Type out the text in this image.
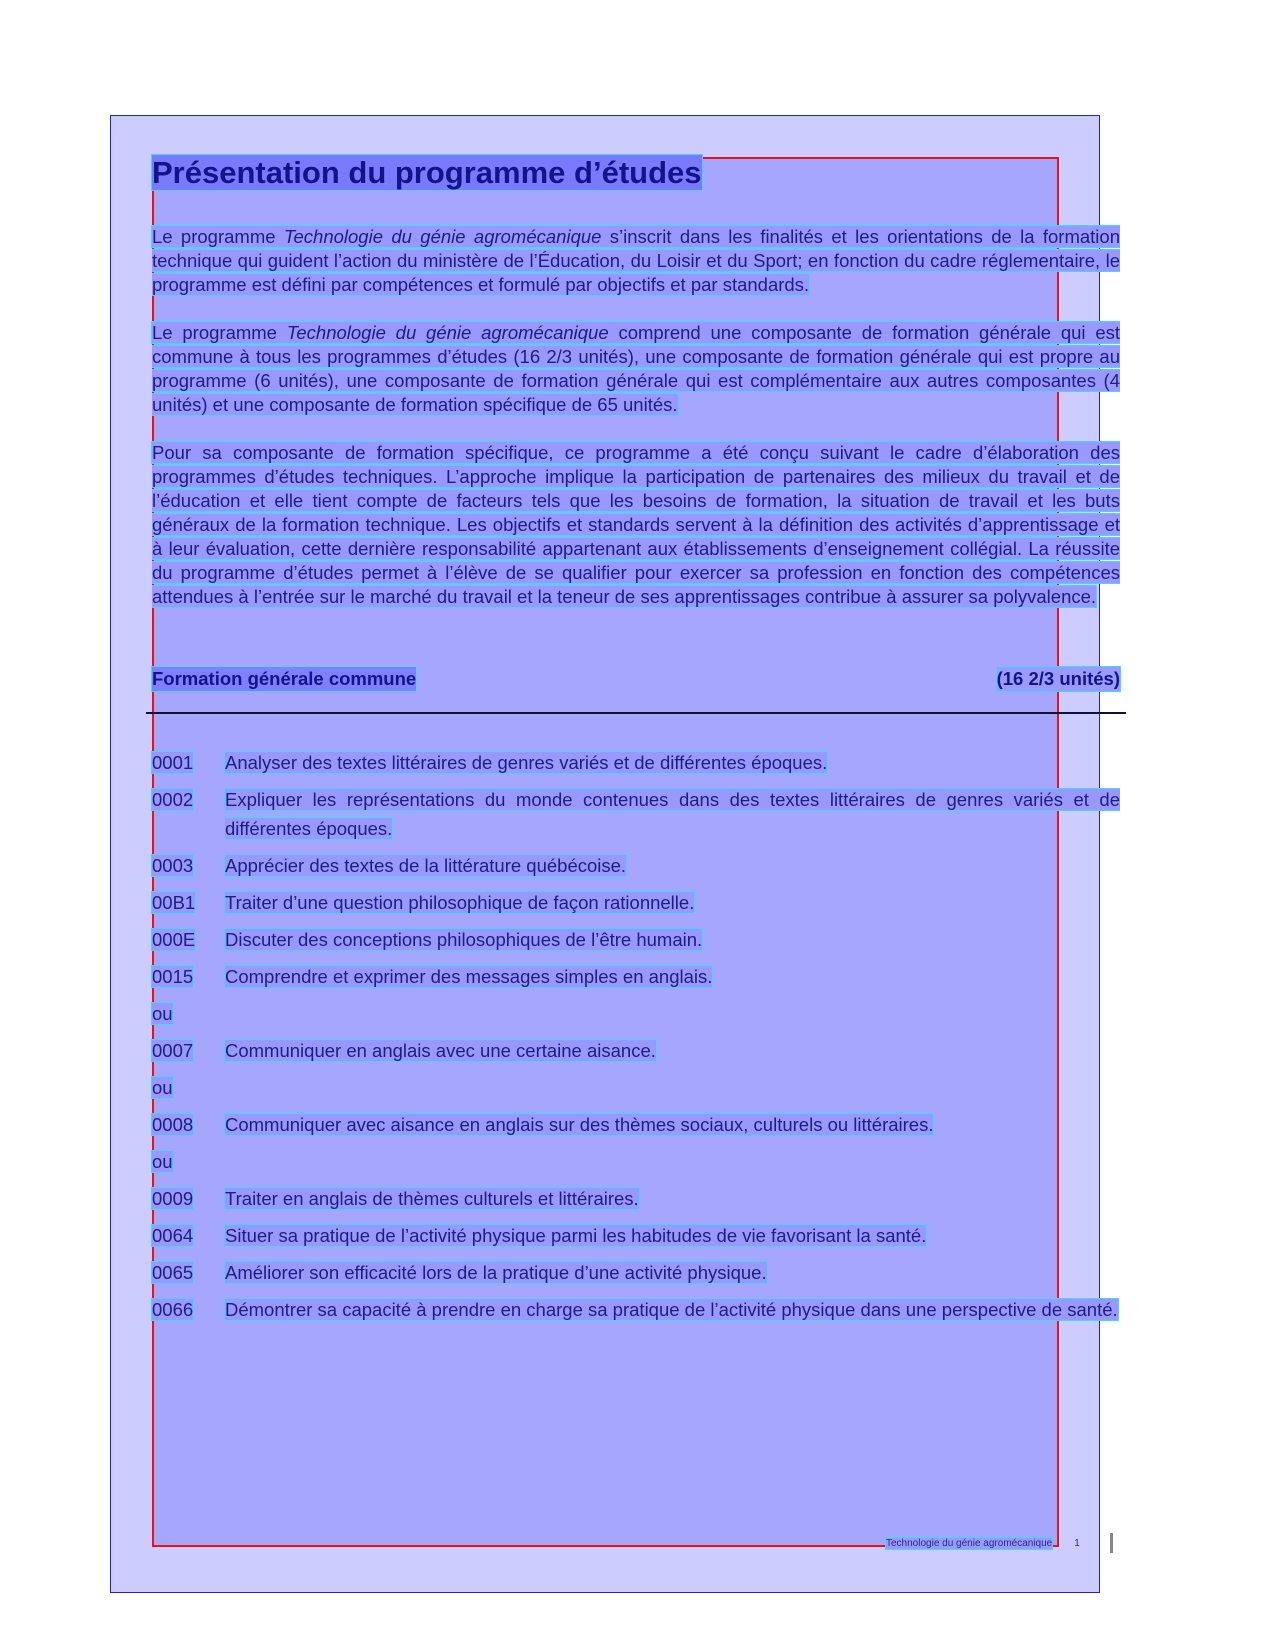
Présentation du programme d’études

Le programme Technologie du génie agromécanique s’inscrit dans les finalités et les orientations de la formation technique qui guident l’action du ministère de l’Éducation, du Loisir et du Sport; en fonction du cadre réglementaire, le programme est défini par compétences et formulé par objectifs et par standards.

Le programme Technologie du génie agromécanique comprend une composante de formation générale qui est commune à tous les programmes d’études (16 2/3 unités), une composante de formation générale qui est propre au programme (6 unités), une composante de formation générale qui est complémentaire aux autres composantes (4 unités) et une composante de formation spécifique de 65 unités.

Pour sa composante de formation spécifique, ce programme a été conçu suivant le cadre d’élaboration des programmes d’études techniques. L’approche implique la participation de partenaires des milieux du travail et de l’éducation et elle tient compte de facteurs tels que les besoins de formation, la situation de travail et les buts généraux de la formation technique. Les objectifs et standards servent à la définition des activités d’apprentissage et à leur évaluation, cette dernière responsabilité appartenant aux établissements d’enseignement collégial. La réussite du programme d’études permet à l’élève de se qualifier pour exercer sa profession en fonction des compétences attendues à l’entrée sur le marché du travail et la teneur de ses apprentissages contribue à assurer sa polyvalence.

Formation générale commune	(16 2/3 unités)
0001	Analyser des textes littéraires de genres variés et de différentes époques.
0002	Expliquer les représentations du monde contenues dans des textes littéraires de genres variés et de différentes époques.
0003	Apprécier des textes de la littérature québécoise.
00B1	Traiter d’une question philosophique de façon rationnelle.
000E	Discuter des conceptions philosophiques de l’être humain.
0015	Comprendre et exprimer des messages simples en anglais.
ou
0007	Communiquer en anglais avec une certaine aisance.
ou
0008	Communiquer avec aisance en anglais sur des thèmes sociaux, culturels ou littéraires.
ou
0009	Traiter en anglais de thèmes culturels et littéraires.
0064	Situer sa pratique de l’activité physique parmi les habitudes de vie favorisant la santé.
0065	Améliorer son efficacité lors de la pratique d’une activité physique.
0066	Démontrer sa capacité à prendre en charge sa pratique de l’activité physique dans une perspective de santé.
Technologie du génie agromécanique 1
